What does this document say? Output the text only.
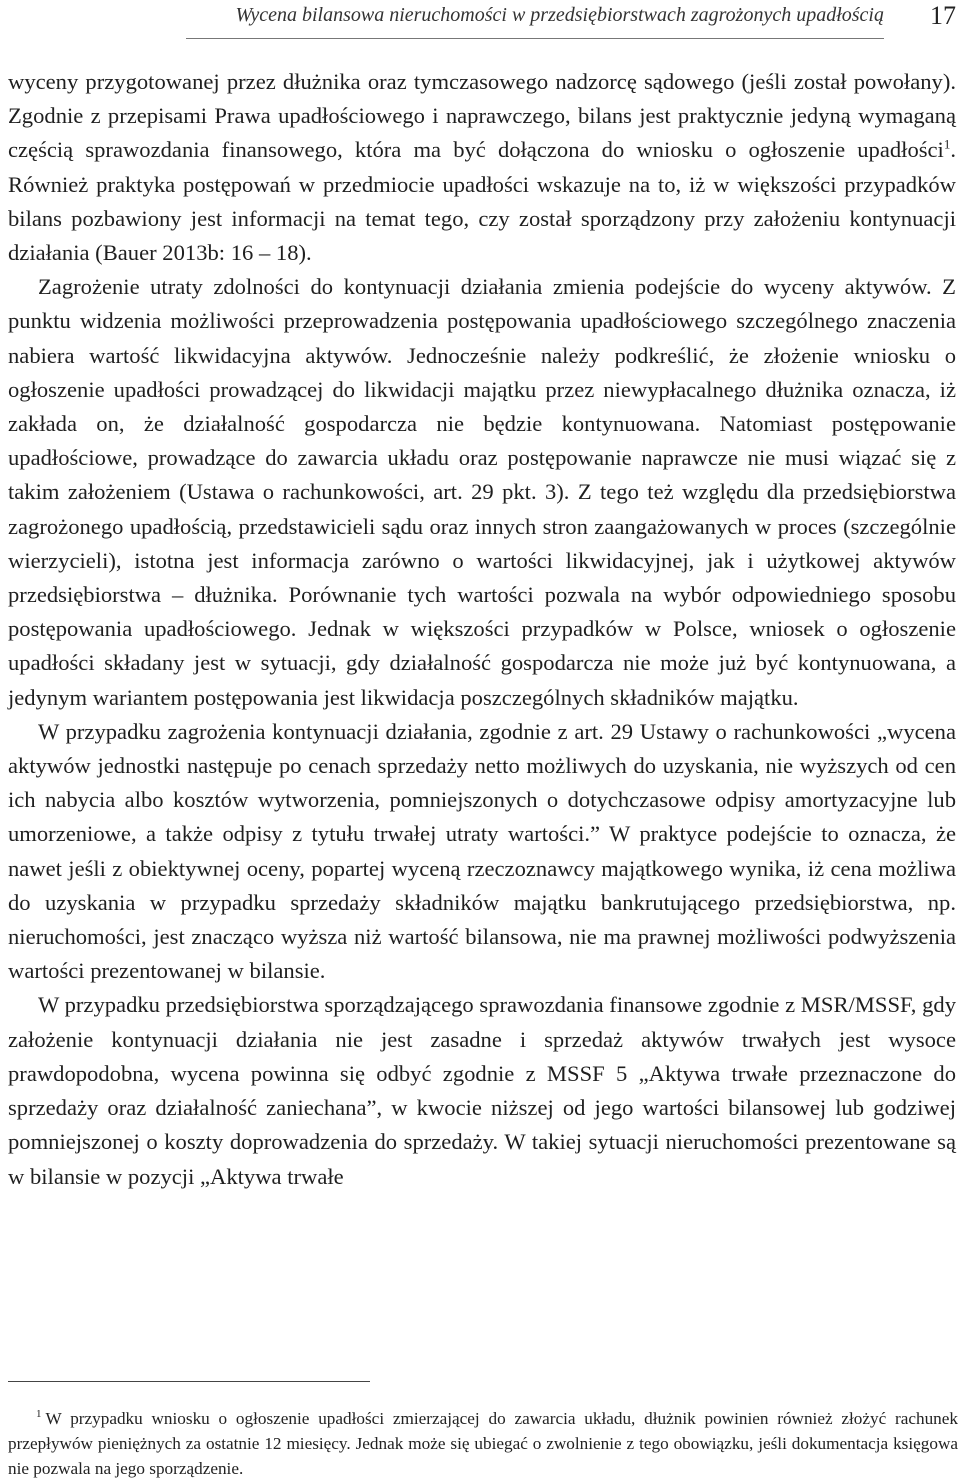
Wycena bilansowa nieruchomości w przedsiębiorstwach zagrożonych upadłością 17

wyceny przygotowanej przez dłużnika oraz tymczasowego nadzorcę sądowego (jeśli został powołany). Zgodnie z przepisami Prawa upadłościowego i naprawczego, bilans jest praktycznie jedyną wymaganą częścią sprawozdania finansowego, która ma być dołączona do wniosku o ogłoszenie upadłości$^1$. Również praktyka postępowań w przedmiocie upadłości wskazuje na to, iż w większości przypadków bilans pozbawiony jest informacji na temat tego, czy został sporządzony przy założeniu kontynuacji działania (Bauer 2013b: 16 – 18).

Zagrożenie utraty zdolności do kontynuacji działania zmienia podejście do wyceny aktywów. Z punktu widzenia możliwości przeprowadzenia postępowania upadłościowego szczególnego znaczenia nabiera wartość likwidacyjna aktywów. Jednocześnie należy podkreślić, że złożenie wniosku o ogłoszenie upadłości prowadzącej do likwidacji majątku przez niewypłacalnego dłużnika oznacza, iż zakłada on, że działalność gospodarcza nie będzie kontynuowana. Natomiast postępowanie upadłościowe, prowadzące do zawarcia układu oraz postępowanie naprawcze nie musi wiązać się z takim założeniem (Ustawa o rachunkowości, art. 29 pkt. 3). Z tego też względu dla przedsiębiorstwa zagrożonego upadłością, przedstawicieli sądu oraz innych stron zaangażowanych w proces (szczególnie wierzycieli), istotna jest informacja zarówno o wartości likwidacyjnej, jak i użytkowej aktywów przedsiębiorstwa – dłużnika. Porównanie tych wartości pozwala na wybór odpowiedniego sposobu postępowania upadłościowego. Jednak w większości przypadków w Polsce, wniosek o ogłoszenie upadłości składany jest w sytuacji, gdy działalność gospodarcza nie może już być kontynuowana, a jedynym wariantem postępowania jest likwidacja poszczególnych składników majątku.

W przypadku zagrożenia kontynuacji działania, zgodnie z art. 29 Ustawy o rachunkowości „wycena aktywów jednostki następuje po cenach sprzedaży netto możliwych do uzyskania, nie wyższych od cen ich nabycia albo kosztów wytworzenia, pomniejszonych o dotychczasowe odpisy amortyzacyjne lub umorzeniowe, a także odpisy z tytułu trwałej utraty wartości.” W praktyce podejście to oznacza, że nawet jeśli z obiektywnej oceny, popartej wyceną rzeczoznawcy majątkowego wynika, iż cena możliwa do uzyskania w przypadku sprzedaży składników majątku bankrutującego przedsiębiorstwa, np. nieruchomości, jest znacząco wyższa niż wartość bilansowa, nie ma prawnej możliwości podwyższenia wartości prezentowanej w bilansie.

W przypadku przedsiębiorstwa sporządzającego sprawozdania finansowe zgodnie z MSR/MSSF, gdy założenie kontynuacji działania nie jest zasadne i sprzedaż aktywów trwałych jest wysoce prawdopodobna, wycena powinna się odbyć zgodnie z MSSF 5 „Aktywa trwałe przeznaczone do sprzedaży oraz działalność zaniechana”, w kwocie niższej od jego wartości bilansowej lub godziwej pomniejszonej o koszty doprowadzenia do sprzedaży. W takiej sytuacji nieruchomości prezentowane są w bilansie w pozycji „Aktywa trwałe

$^1$ W przypadku wniosku o ogłoszenie upadłości zmierzającej do zawarcia układu, dłużnik powinien również złożyć rachunek przepływów pieniężnych za ostatnie 12 miesięcy. Jednak może się ubiegać o zwolnienie z tego obowiązku, jeśli dokumentacja księgowa nie pozwala na jego sporządzenie.
